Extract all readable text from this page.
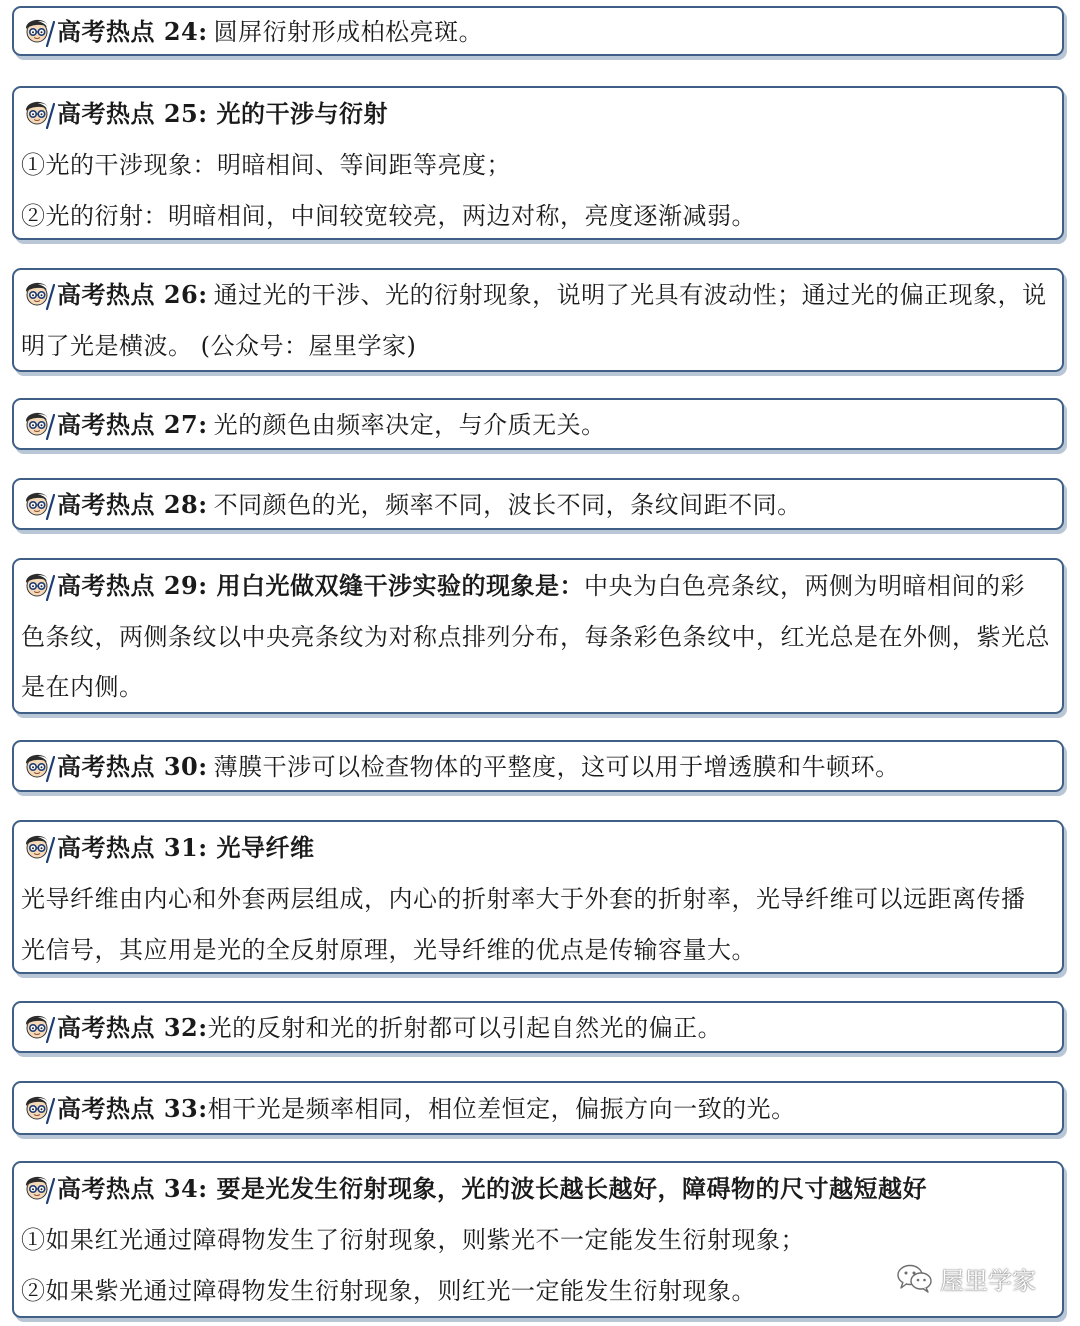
高考热点 24: 圆屏衍射形成柏松亮斑。
高考热点 25: 光的干涉与衍射
①光的干涉现象：明暗相间、等间距等亮度；
②光的衍射：明暗相间，中间较宽较亮，两边对称，亮度逐渐减弱。
高考热点 26: 通过光的干涉、光的衍射现象，说明了光具有波动性；通过光的偏正现象，说
明了光是横波。 (公众号：屋里学家)
高考热点 27: 光的颜色由频率决定，与介质无关。
高考热点 28: 不同颜色的光，频率不同，波长不同，条纹间距不同。
高考热点 29: 用白光做双缝干涉实验的现象是： 中央为白色亮条纹，两侧为明暗相间的彩
色条纹，两侧条纹以中央亮条纹为对称点排列分布，每条彩色条纹中，红光总是在外侧，紫光总
是在内侧。
高考热点 30: 薄膜干涉可以检查物体的平整度，这可以用于增透膜和牛顿环。
高考热点 31: 光导纤维
光导纤维由内心和外套两层组成，内心的折射率大于外套的折射率，光导纤维可以远距离传播
光信号，其应用是光的全反射原理，光导纤维的优点是传输容量大。
高考热点 32: 光的反射和光的折射都可以引起自然光的偏正。
高考热点 33: 相干光是频率相同，相位差恒定，偏振方向一致的光。
高考热点 34: 要是光发生衍射现象，光的波长越长越好，障碍物的尺寸越短越好
①如果红光通过障碍物发生了衍射现象，则紫光不一定能发生衍射现象；
②如果紫光通过障碍物发生衍射现象，则红光一定能发生衍射现象。	屋里学家
